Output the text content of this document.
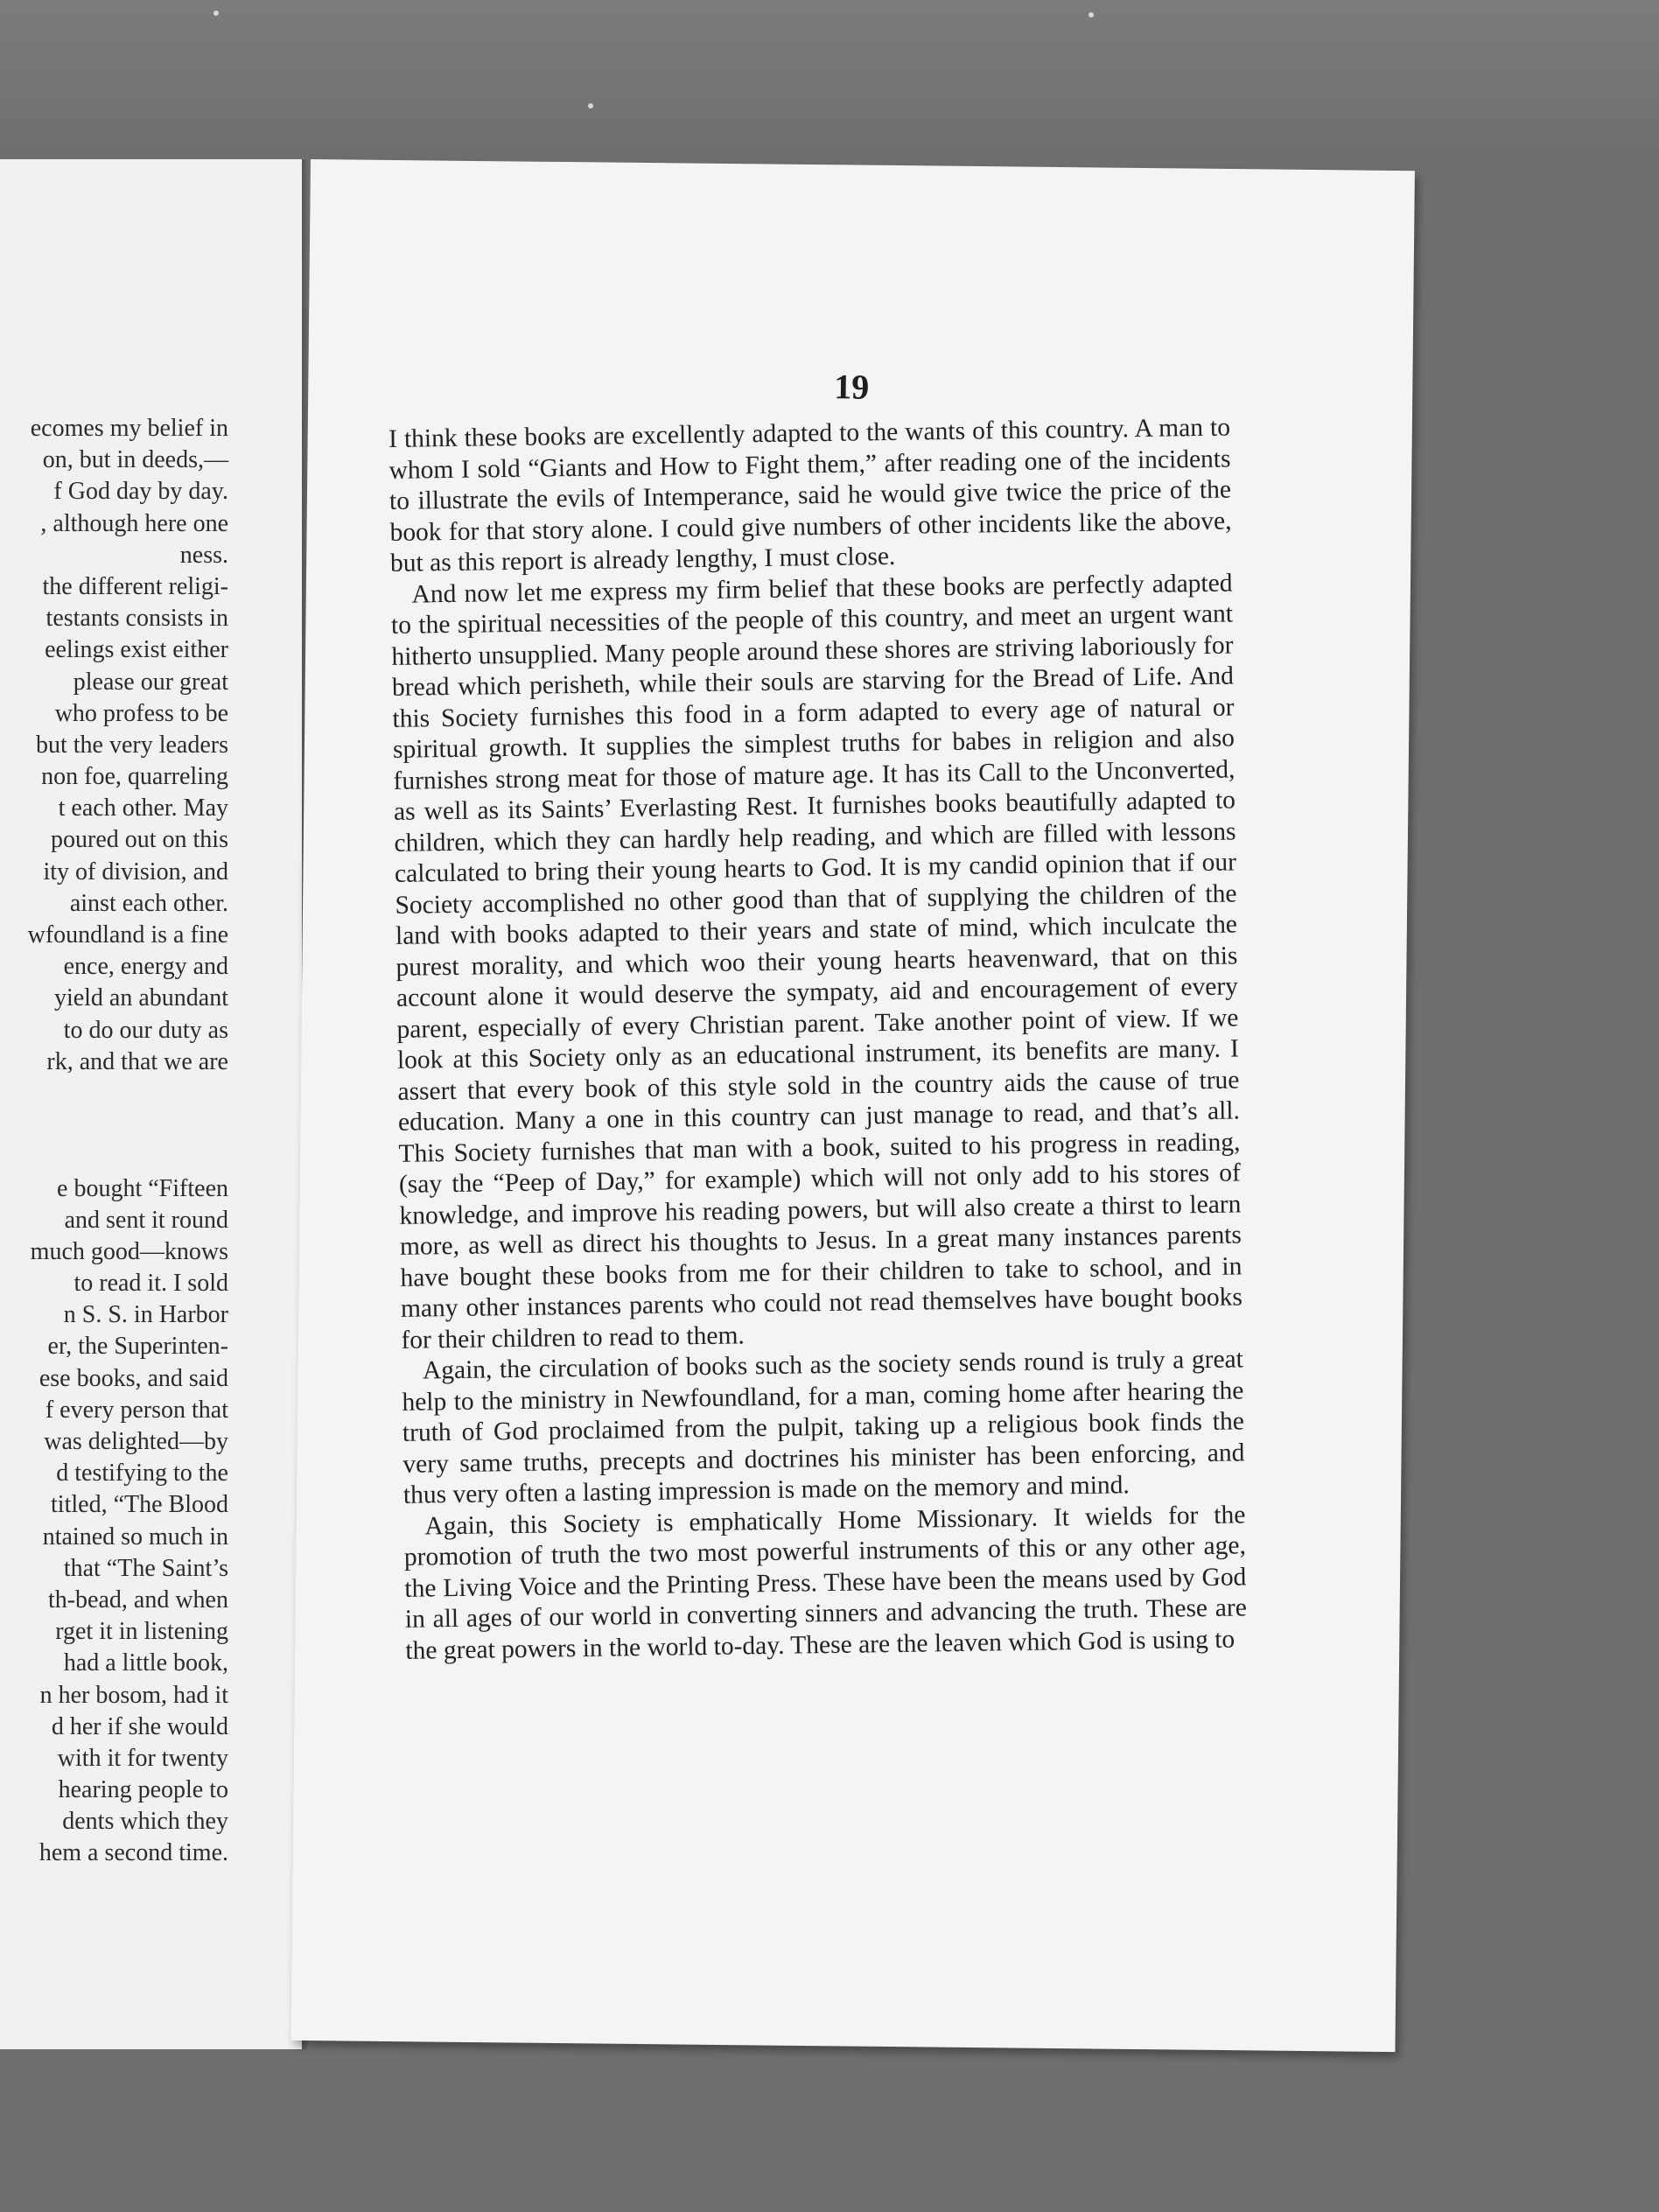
ecomes my belief in
on, but in deeds,—
f God day by day.
, although here one
ness.
the different religi-
testants consists in
eelings exist either
please our great
who profess to be
but the very leaders
non foe, quarreling
t each other. May
poured out on this
ity of division, and
ainst each other.
wfoundland is a fine
ence, energy and
yield an abundant
to do our duty as
rk, and that we are
e bought “Fifteen
and sent it round
much good—knows
to read it. I sold
n S. S. in Harbor
er, the Superinten-
ese books, and said
f every person that
was delighted—by
d testifying to the
titled, “The Blood
ntained so much in
that “The Saint’s
th-bead, and when
rget it in listening
had a little book,
n her bosom, had it
d her if she would
with it for twenty
hearing people to
dents which they
hem a second time.
19

I think these books are excellently adapted to the wants of this country. A man to whom I sold “Giants and How to Fight them,” after reading one of the incidents to illustrate the evils of Intemperance, said he would give twice the price of the book for that story alone. I could give numbers of other incidents like the above, but as this report is already lengthy, I must close.

And now let me express my firm belief that these books are perfectly adapted to the spiritual necessities of the people of this country, and meet an urgent want hitherto unsupplied. Many people around these shores are striving laboriously for bread which perisheth, while their souls are starving for the Bread of Life. And this Society furnishes this food in a form adapted to every age of natural or spiritual growth. It supplies the simplest truths for babes in religion and also furnishes strong meat for those of mature age. It has its Call to the Unconverted, as well as its Saints’ Everlasting Rest. It furnishes books beautifully adapted to children, which they can hardly help reading, and which are filled with lessons calculated to bring their young hearts to God. It is my candid opinion that if our Society accomplished no other good than that of supplying the children of the land with books adapted to their years and state of mind, which inculcate the purest morality, and which woo their young hearts heavenward, that on this account alone it would deserve the sympaty, aid and encouragement of every parent, especially of every Christian parent. Take another point of view. If we look at this Society only as an educational instrument, its benefits are many. I assert that every book of this style sold in the country aids the cause of true education. Many a one in this country can just manage to read, and that’s all. This Society furnishes that man with a book, suited to his progress in reading, (say the “Peep of Day,” for example) which will not only add to his stores of knowledge, and improve his reading powers, but will also create a thirst to learn more, as well as direct his thoughts to Jesus. In a great many instances parents have bought these books from me for their children to take to school, and in many other instances parents who could not read themselves have bought books for their children to read to them.

Again, the circulation of books such as the society sends round is truly a great help to the ministry in Newfoundland, for a man, coming home after hearing the truth of God proclaimed from the pulpit, taking up a religious book finds the very same truths, precepts and doctrines his minister has been enforcing, and thus very often a lasting impression is made on the memory and mind.

Again, this Society is emphatically Home Missionary. It wields for the promotion of truth the two most powerful instruments of this or any other age, the Living Voice and the Printing Press. These have been the means used by God in all ages of our world in converting sinners and advancing the truth. These are the great powers in the world to-day. These are the leaven which God is using to
